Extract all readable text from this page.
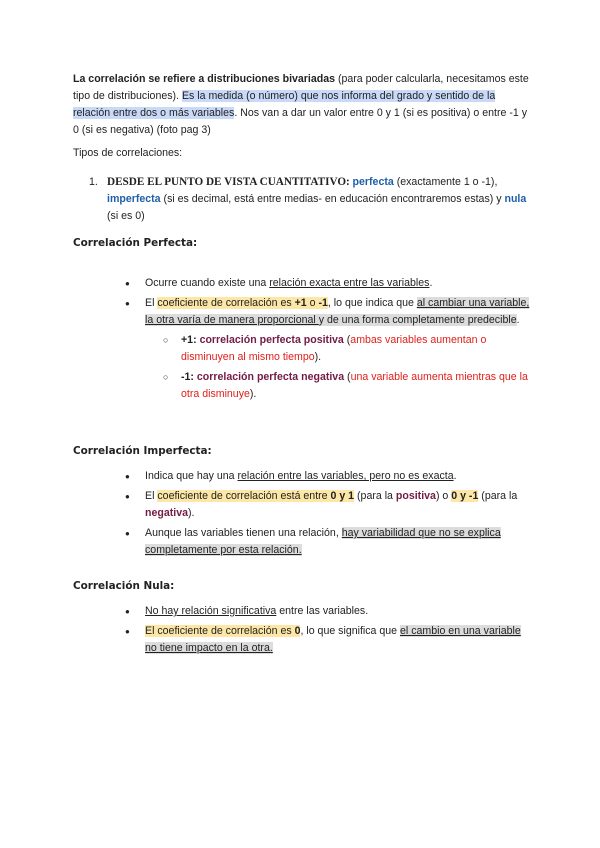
La correlación se refiere a distribuciones bivariadas (para poder calcularla, necesitamos este tipo de distribuciones). Es la medida (o número) que nos informa del grado y sentido de la relación entre dos o más variables. Nos van a dar un valor entre 0 y 1 (si es positiva) o entre -1 y 0 (si es negativa) (foto pag 3)

Tipos de correlaciones:

1. DESDE EL PUNTO DE VISTA CUANTITATIVO: perfecta (exactamente 1 o -1), imperfecta (si es decimal, está entre medias- en educación encontraremos estas) y nula (si es 0)

Correlación Perfecta:

● Ocurre cuando existe una relación exacta entre las variables.
● El coeficiente de correlación es +1 o -1, lo que indica que al cambiar una variable, la otra varía de manera proporcional y de una forma completamente predecible.
○ +1: correlación perfecta positiva (ambas variables aumentan o disminuyen al mismo tiempo).
○ -1: correlación perfecta negativa (una variable aumenta mientras que la otra disminuye).

Correlación Imperfecta:

● Indica que hay una relación entre las variables, pero no es exacta.
● El coeficiente de correlación está entre 0 y 1 (para la positiva) o 0 y -1 (para la negativa).
● Aunque las variables tienen una relación, hay variabilidad que no se explica completamente por esta relación.

Correlación Nula:

● No hay relación significativa entre las variables.
● El coeficiente de correlación es 0, lo que significa que el cambio en una variable no tiene impacto en la otra.
